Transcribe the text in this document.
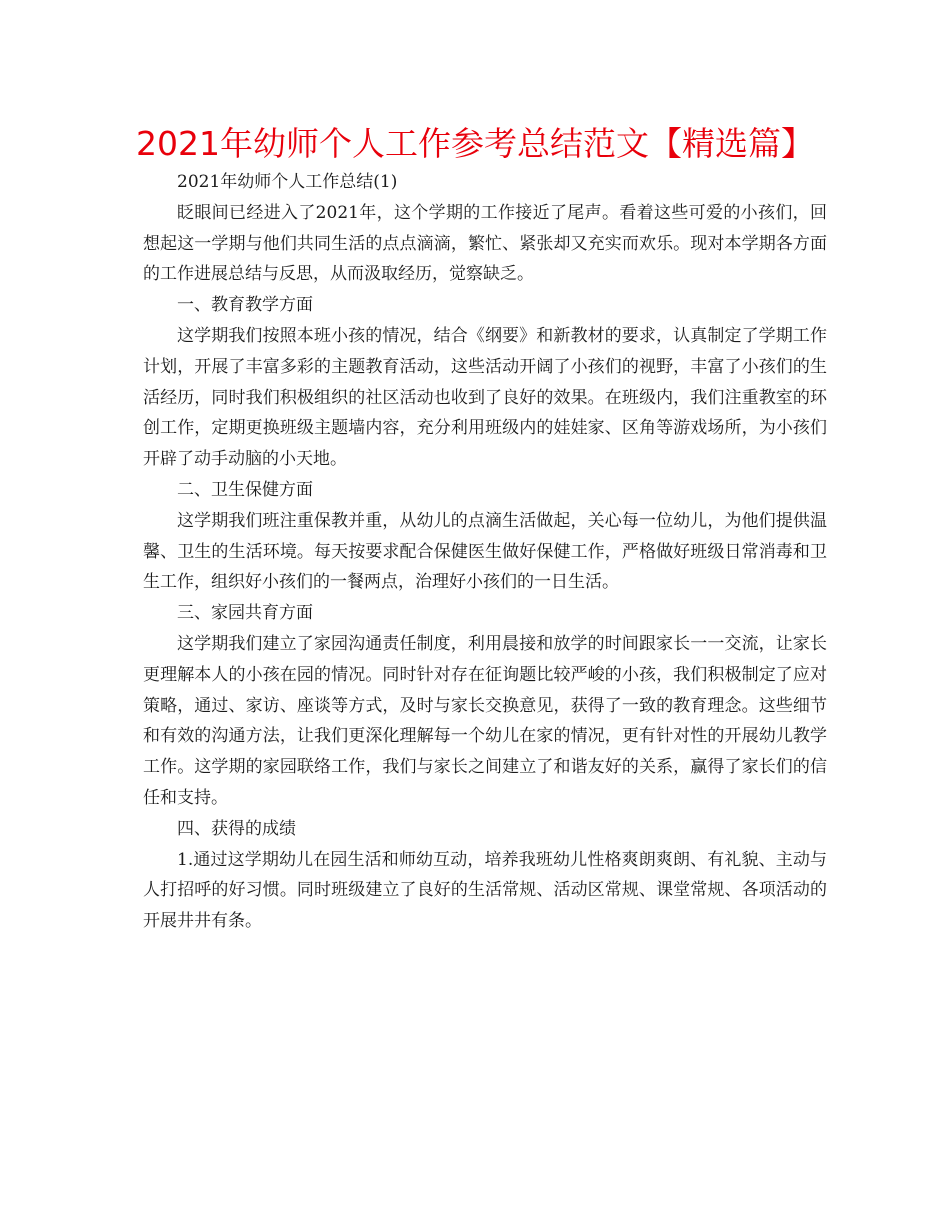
2021年幼师个人工作参考总结范文【精选篇】

2021年幼师个人工作总结(1)

眨眼间已经进入了2021年，这个学期的工作接近了尾声。看着这些可爱的小孩们，回想起这一学期与他们共同生活的点点滴滴，繁忙、紧张却又充实而欢乐。现对本学期各方面的工作进展总结与反思，从而汲取经历，觉察缺乏。

一、教育教学方面

这学期我们按照本班小孩的情况，结合《纲要》和新教材的要求，认真制定了学期工作计划，开展了丰富多彩的主题教育活动，这些活动开阔了小孩们的视野，丰富了小孩们的生活经历，同时我们积极组织的社区活动也收到了良好的效果。在班级内，我们注重教室的环创工作，定期更换班级主题墙内容，充分利用班级内的娃娃家、区角等游戏场所，为小孩们开辟了动手动脑的小天地。

二、卫生保健方面

这学期我们班注重保教并重，从幼儿的点滴生活做起，关心每一位幼儿，为他们提供温馨、卫生的生活环境。每天按要求配合保健医生做好保健工作，严格做好班级日常消毒和卫生工作，组织好小孩们的一餐两点，治理好小孩们的一日生活。

三、家园共育方面

这学期我们建立了家园沟通责任制度，利用晨接和放学的时间跟家长一一交流，让家长更理解本人的小孩在园的情况。同时针对存在征询题比较严峻的小孩，我们积极制定了应对策略，通过、家访、座谈等方式，及时与家长交换意见，获得了一致的教育理念。这些细节和有效的沟通方法，让我们更深化理解每一个幼儿在家的情况，更有针对性的开展幼儿教学工作。这学期的家园联络工作，我们与家长之间建立了和谐友好的关系，赢得了家长们的信任和支持。

四、获得的成绩

1.通过这学期幼儿在园生活和师幼互动，培养我班幼儿性格爽朗爽朗、有礼貌、主动与人打招呼的好习惯。同时班级建立了良好的生活常规、活动区常规、课堂常规、各项活动的开展井井有条。
